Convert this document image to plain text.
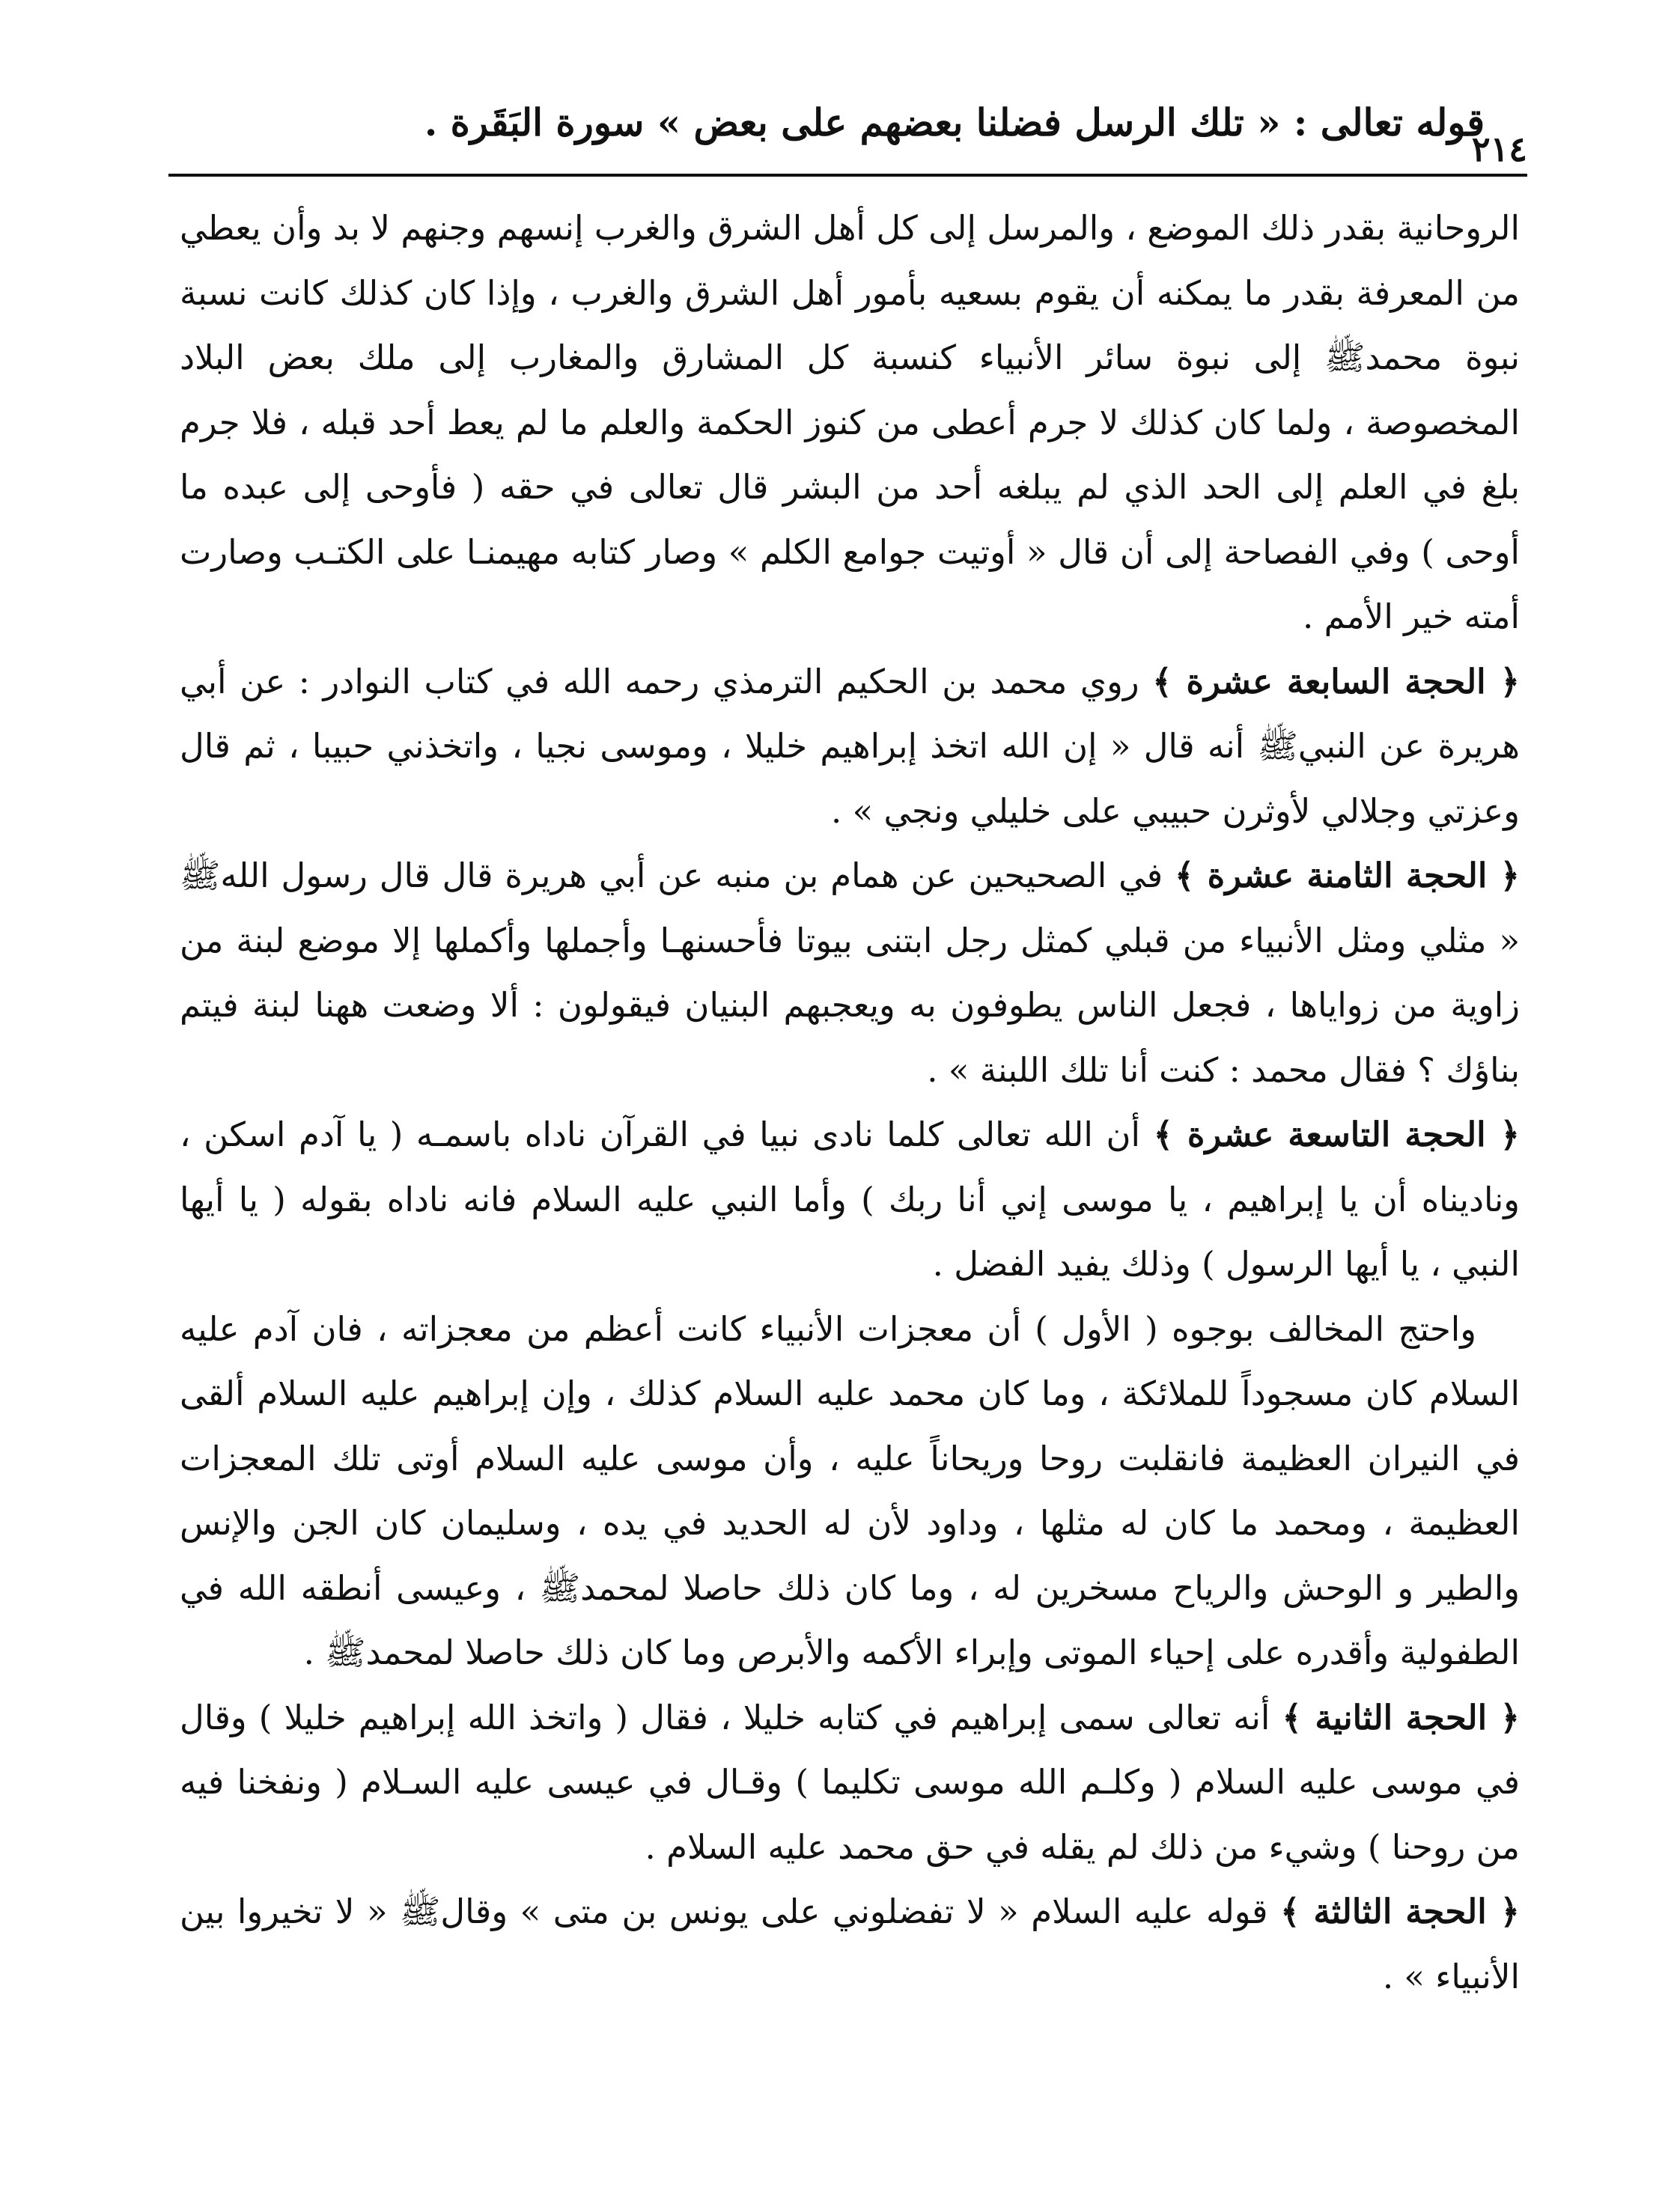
قوله تعالى : « تلك الرسل فضلنا بعضهم على بعض » سورة البَقَرة .
٢١٤

الروحانية بقدر ذلك الموضع ، والمرسل إلى كل أهل الشرق والغرب إنسهم وجنهم لا بد وأن يعطي من المعرفة بقدر ما يمكنه أن يقوم بسعيه بأمور أهل الشرق والغرب ، وإذا كان كذلك كانت نسبة نبوة محمدﷺ إلى نبوة سائر الأنبياء كنسبة كل المشارق والمغارب إلى ملك بعض البلاد المخصوصة ، ولما كان كذلك لا جرم أعطى من كنوز الحكمة والعلم ما لم يعط أحد قبله ، فلا جرم بلغ في العلم إلى الحد الذي لم يبلغه أحد من البشر قال تعالى في حقه ( فأوحى إلى عبده ما أوحى ) وفي الفصاحة إلى أن قال « أوتيت جوامع الكلم » وصار كتابه مهيمنـا على الكتـب وصارت أمته خير الأمم .

﴿ الحجة السابعة عشرة ﴾ روي محمد بن الحكيم الترمذي رحمه الله في كتاب النوادر : عن أبي هريرة عن النبيﷺ أنه قال « إن الله اتخذ إبراهيم خليلا ، وموسى نجيا ، واتخذني حبيبا ، ثم قال وعزتي وجلالي لأوثرن حبيبي على خليلي ونجي » .

﴿ الحجة الثامنة عشرة ﴾ في الصحيحين عن همام بن منبه عن أبي هريرة قال قال رسول اللهﷺ « مثلي ومثل الأنبياء من قبلي كمثل رجل ابتنى بيوتا فأحسنهـا وأجملها وأكملها إلا موضع لبنة من زاوية من زواياها ، فجعل الناس يطوفون به ويعجبهم البنيان فيقولون : ألا وضعت ههنا لبنة فيتم بناؤك ؟ فقال محمد : كنت أنا تلك اللبنة » .

﴿ الحجة التاسعة عشرة ﴾ أن الله تعالى كلما نادى نبيا في القرآن ناداه باسمـه ( يا آدم اسكن ، ونادیناه أن يا إبراهيم ، يا موسى إني أنا ربك ) وأما النبي عليه السلام فانه ناداه بقوله ( يا أيها النبي ، يا أيها الرسول ) وذلك يفيد الفضل .

واحتج المخالف بوجوه ( الأول ) أن معجزات الأنبياء كانت أعظم من معجزاته ، فان آدم عليه السلام كان مسجوداً للملائكة ، وما كان محمد عليه السلام كذلك ، وإن إبراهيم عليه السلام ألقى في النيران العظيمة فانقلبت روحا وريحاناً عليه ، وأن موسى عليه السلام أوتى تلك المعجزات العظيمة ، ومحمد ما كان له مثلها ، وداود لأن له الحديد في يده ، وسليمان كان الجن والإنس والطير و الوحش والرياح مسخرين له ، وما كان ذلك حاصلا لمحمدﷺ ، وعيسى أنطقه الله في الطفولية وأقدره على إحياء الموتى وإبراء الأكمه والأبرص وما كان ذلك حاصلا لمحمدﷺ .

﴿ الحجة الثانية ﴾ أنه تعالى سمى إبراهيم في كتابه خليلا ، فقال ( واتخذ الله إبراهيم خليلا ) وقال في موسى عليه السلام ( وكلـم الله موسى تكليما ) وقـال في عيسى عليه السـلام ( ونفخنا فيه من روحنا ) وشيء من ذلك لم يقله في حق محمد عليه السلام .

﴿ الحجة الثالثة ﴾ قوله عليه السلام « لا تفضلوني على يونس بن متى » وقالﷺ « لا تخيروا بين الأنبياء » .
